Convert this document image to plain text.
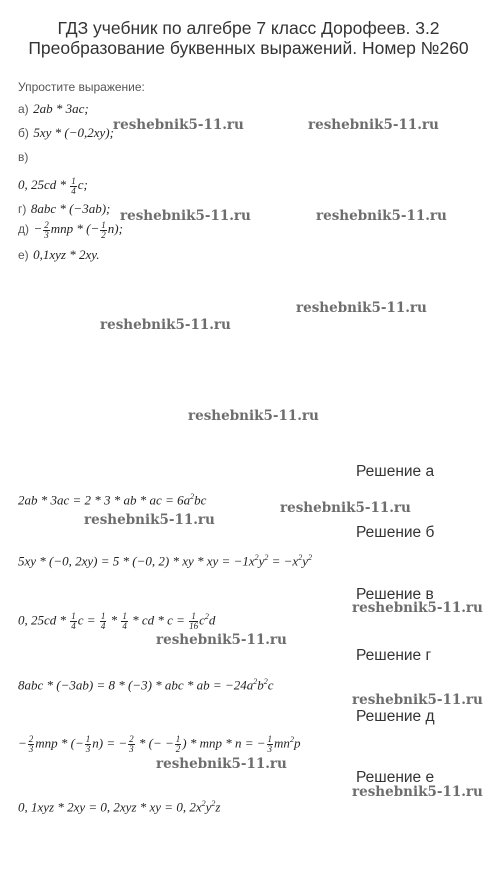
ГДЗ учебник по алгебре 7 класс Дорофеев. 3.2
Преобразование буквенных выражений. Номер №260
Упростите выражение:
а) 2ab * 3ac;
б) 5xy * (−0,2xy);
в)
0, $25cd * \frac{1}{4} c$;
г) 8abc * (−3ab);
$д) - \frac{2}{3}$ mnp * (− $\frac{1}{2} n$);
е) 0,1xyz * 2xy.
reshebnik5-11.ru	reshebnik5-11.ru
reshebnik5-11.ru	reshebnik5-11.ru
reshebnik5-11.ru
reshebnik5-11.ru
reshebnik5-11.ru
reshebnik5-11.ru
reshebnik5-11.ru
reshebnik5-11.ru
reshebnik5-11.ru
reshebnik5-11.ru
reshebnik5-11.ru
reshebnik5-11.ru
Решение а
2ab * 3ac = 2 * 3 * ab * ac = $6a^2bc$
Решение б
5xy * (−0, 2xy) = 5 * (−0, 2) * xy * xy = $-1x^2y^2 = -x^2y^2$
Решение в
0, $25cd * \frac{1}{4}$ $c = \frac{1}{4} * \frac{1}{4}$ * cd * $c = \frac{1}{16} c^2d$
Решение г
8abc * (−3ab) = 8 * (−3) * abc * ab = $-24a^2b^2c$
Решение д
− $\frac{2}{3}$ mnp * (− $\frac{1}{3} n$) = − $\frac{2}{3}$ * (− − $\frac{1}{2}$ ) * mnp * n = − $\frac{1}{3} mn^2p$
Решение е
0, 1xyz * 2xy = 0, 2xyz * xy = 0, $2x^2y^2z$
